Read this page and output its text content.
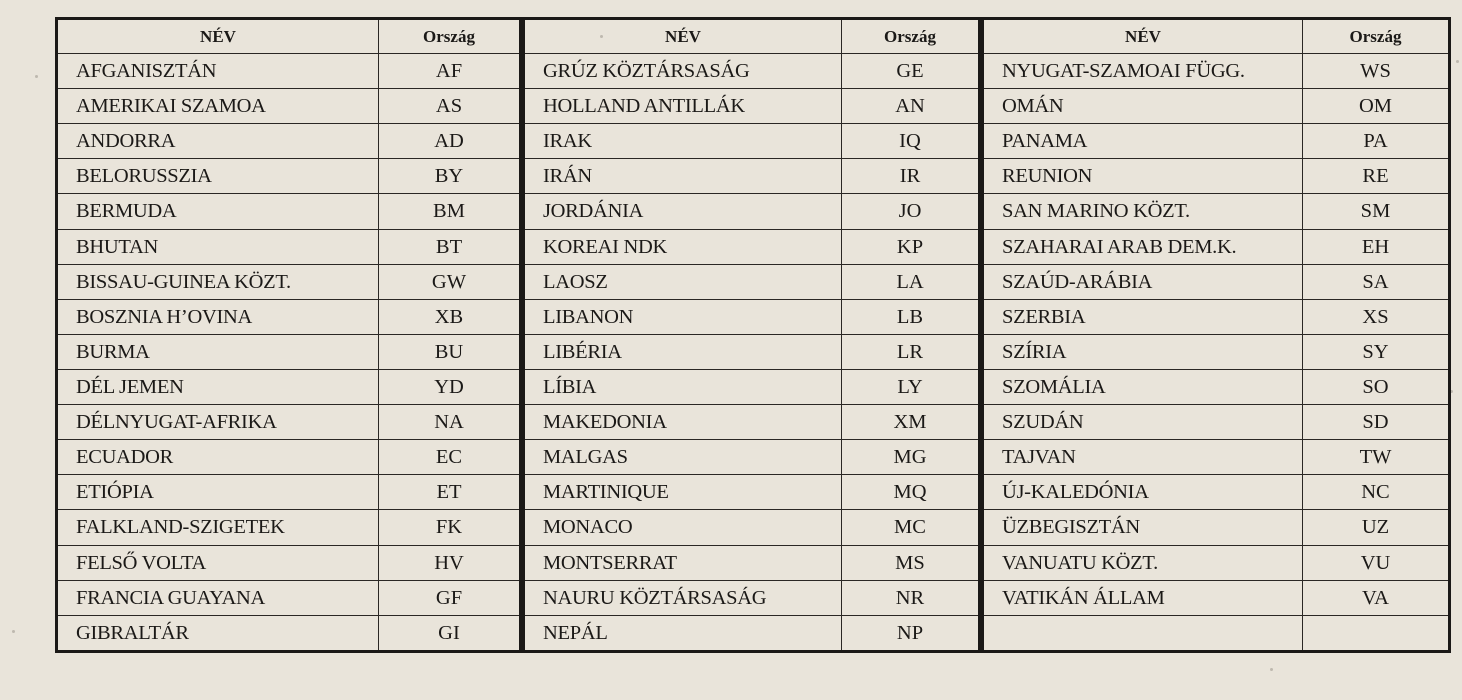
NÉV	Ország
AFGANISZTÁN	AF
AMERIKAI SZAMOA	AS
ANDORRA	AD
BELORUSSZIA	BY
BERMUDA	BM
BHUTAN	BT
BISSAU-GUINEA KÖZT.	GW
BOSZNIA H’OVINA	XB
BURMA	BU
DÉL JEMEN	YD
DÉLNYUGAT-AFRIKA	NA
ECUADOR	EC
ETIÓPIA	ET
FALKLAND-SZIGETEK	FK
FELSŐ VOLTA	HV
FRANCIA GUAYANA	GF
GIBRALTÁR	GI
NÉV	Ország
GRÚZ KÖZTÁRSASÁG	GE
HOLLAND ANTILLÁK	AN
IRAK	IQ
IRÁN	IR
JORDÁNIA	JO
KOREAI NDK	KP
LAOSZ	LA
LIBANON	LB
LIBÉRIA	LR
LÍBIA	LY
MAKEDONIA	XM
MALGAS	MG
MARTINIQUE	MQ
MONACO	MC
MONTSERRAT	MS
NAURU KÖZTÁRSASÁG	NR
NEPÁL	NP
NÉV	Ország
NYUGAT-SZAMOAI FÜGG.	WS
OMÁN	OM
PANAMA	PA
REUNION	RE
SAN MARINO KÖZT.	SM
SZAHARAI ARAB DEM.K.	EH
SZAÚD-ARÁBIA	SA
SZERBIA	XS
SZÍRIA	SY
SZOMÁLIA	SO
SZUDÁN	SD
TAJVAN	TW
ÚJ-KALEDÓNIA	NC
ÜZBEGISZTÁN	UZ
VANUATU KÖZT.	VU
VATIKÁN ÁLLAM	VA
